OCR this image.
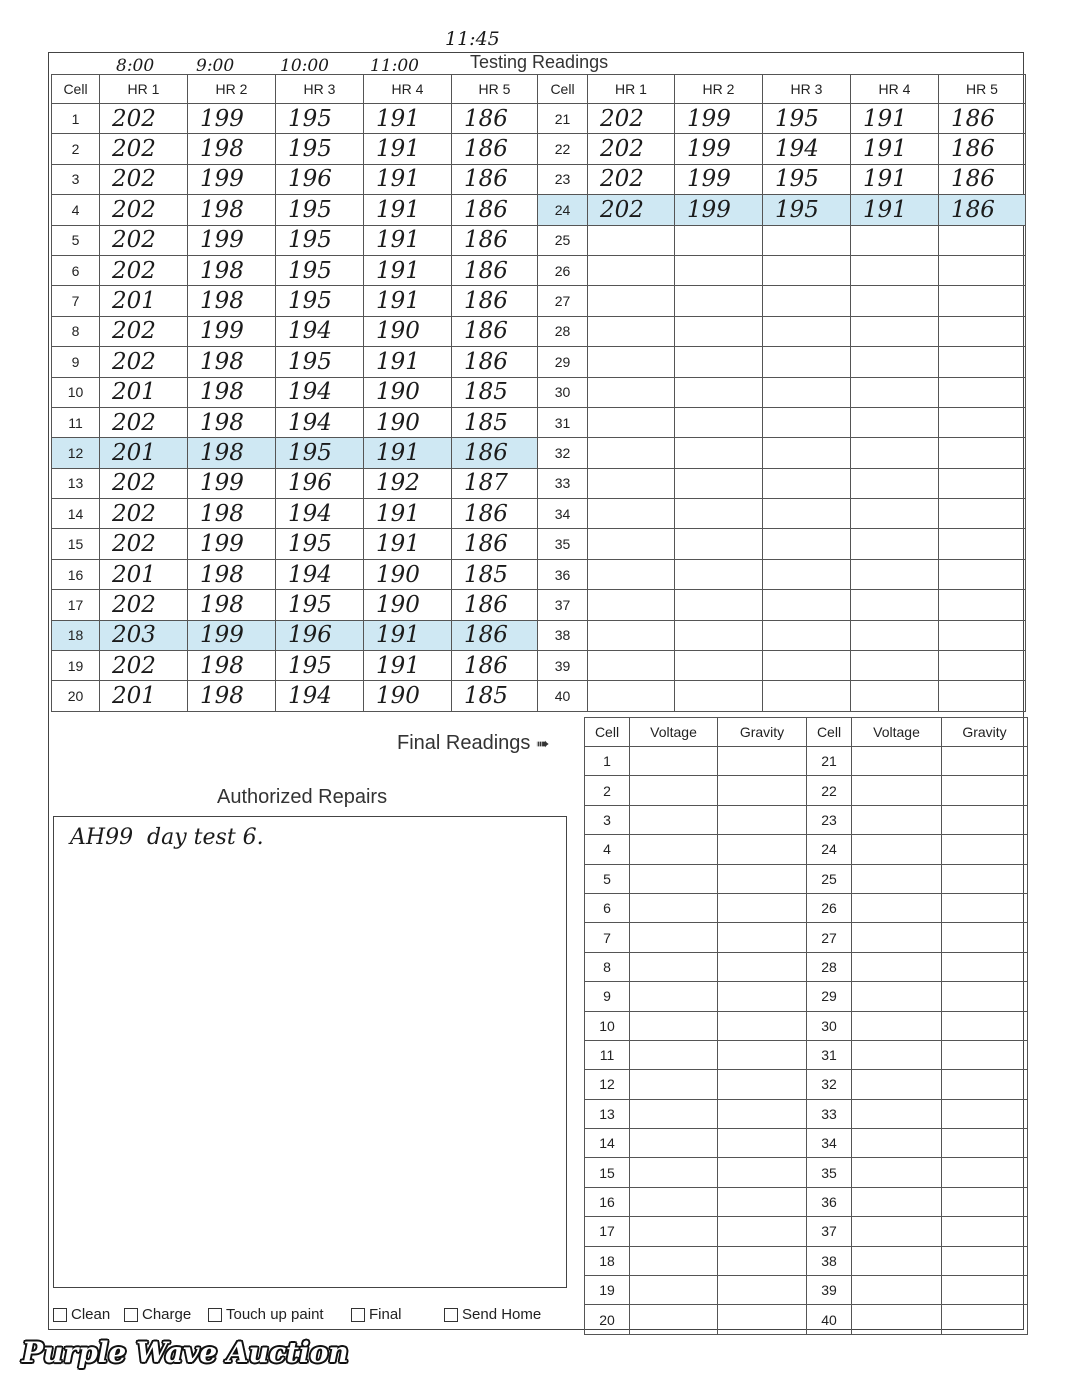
11:45
8:00 9:00	10:00 11:00	Testing Readings
Cell	HR 1	HR 2	HR 3	HR 4	HR 5	Cell	HR 1	HR 2	HR 3	HR 4	HR 5
1	202	199	195	191	186	21	202	199	195	191	186
2	202	198	195	191	186	22	202	199	194	191	186
3	202	199	196	191	186	23	202	199	195	191	186
4	202	198	195	191	186	24	202	199	195	191	186
5	202	199	195	191	186	25					
6	202	198	195	191	186	26					
7	201	198	195	191	186	27					
8	202	199	194	190	186	28					
9	202	198	195	191	186	29					
10	201	198	194	190	185	30					
11	202	198	194	190	185	31					
12	201	198	195	191	186	32					
13	202	199	196	192	187	33					
14	202	198	194	191	186	34					
15	202	199	195	191	186	35					
16	201	198	194	190	185	36					
17	202	198	195	190	186	37					
18	203	199	196	191	186	38					
19	202	198	195	191	186	39					
20	201	198	194	190	185	40					
Final Readings ➠
Cell	Voltage	Gravity	Cell	Voltage	Gravity
1			21		
2			22		
3			23		
4			24		
5			25		
6			26		
7			27		
8			28		
9			29		
10			30		
11			31		
12			32		
13			33		
14			34		
15			35		
16			36		
17			37		
18			38		
19			39		
20			40		
Authorized Repairs
AH99  day test 6.
Clean Charge Touch up paint	Final	Send Home
Purple Wave Auction
